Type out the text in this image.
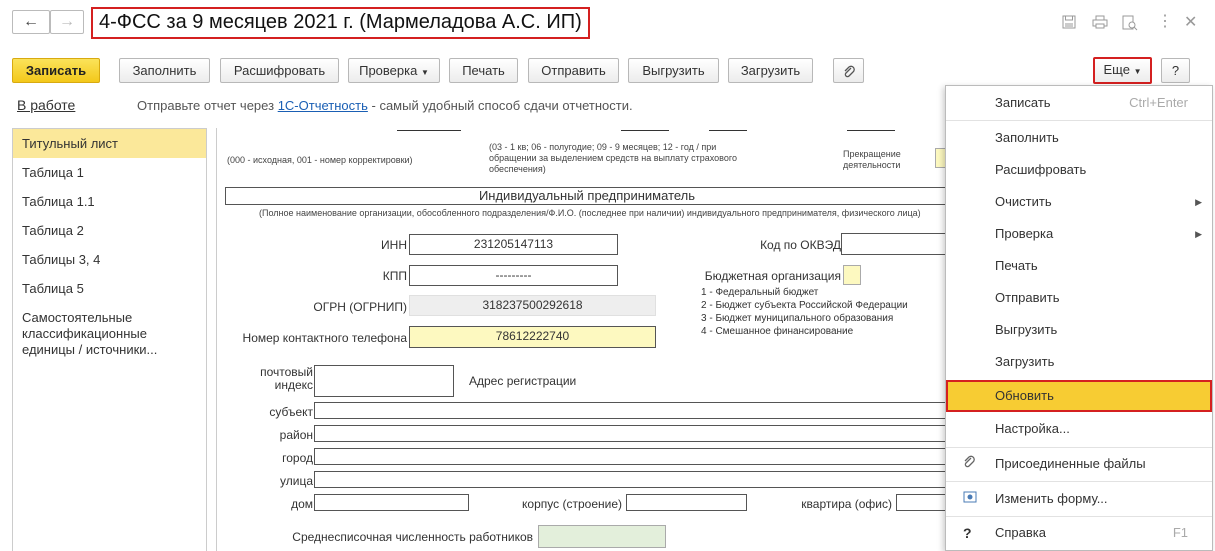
←	→	4-ФСС за 9 месяцев 2021 г. (Мармеладова А.С. ИП)	⋮ ✕
Записать	Заполнить	Расшифровать	Проверка ▼	Печать	Отправить	Выгрузить	Загрузить	Еще ▼	?
В работе	Отправьте отчет через 1С-Отчетность - самый удобный способ сдачи отчетности.
Титульный лист
Таблица 1
Таблица 1.1
Таблица 2
Таблицы 3, 4
Таблица 5
Самостоятельные классификационные единицы / источники...
(000 - исходная, 001 - номер корректировки)
(03 - 1 кв; 06 - полугодие; 09 - 9 месяцев; 12 - год / при обращении за выделением средств на выплату страхового обеспечения)
Прекращение деятельности
Индивидуальный предприниматель
(Полное наименование организации, обособленного подразделения/Ф.И.О. (последнее при наличии) индивидуального предпринимателя, физического лица)
ИНН	231205147113
КПП	---------
ОГРН (ОГРНИП)	318237500292618
Номер контактного телефона	78612222740
Код по ОКВЭД
Бюджетная организация
1 - Федеральный бюджет
2 - Бюджет субъекта Российской Федерации
3 - Бюджет муниципального образования
4 - Смешанное финансирование
почтовый индекс	Адрес регистрации
субъект
район
город
улица
дом	корпус (строение)	квартира (офис)
Среднесписочная численность работников
Записать	Ctrl+Enter
Заполнить
Расшифровать
Очистить	▶
Проверка	▶
Печать
Отправить
Выгрузить
Загрузить
Обновить
Настройка...
Присоединенные файлы
Изменить форму...
? Справка	F1
